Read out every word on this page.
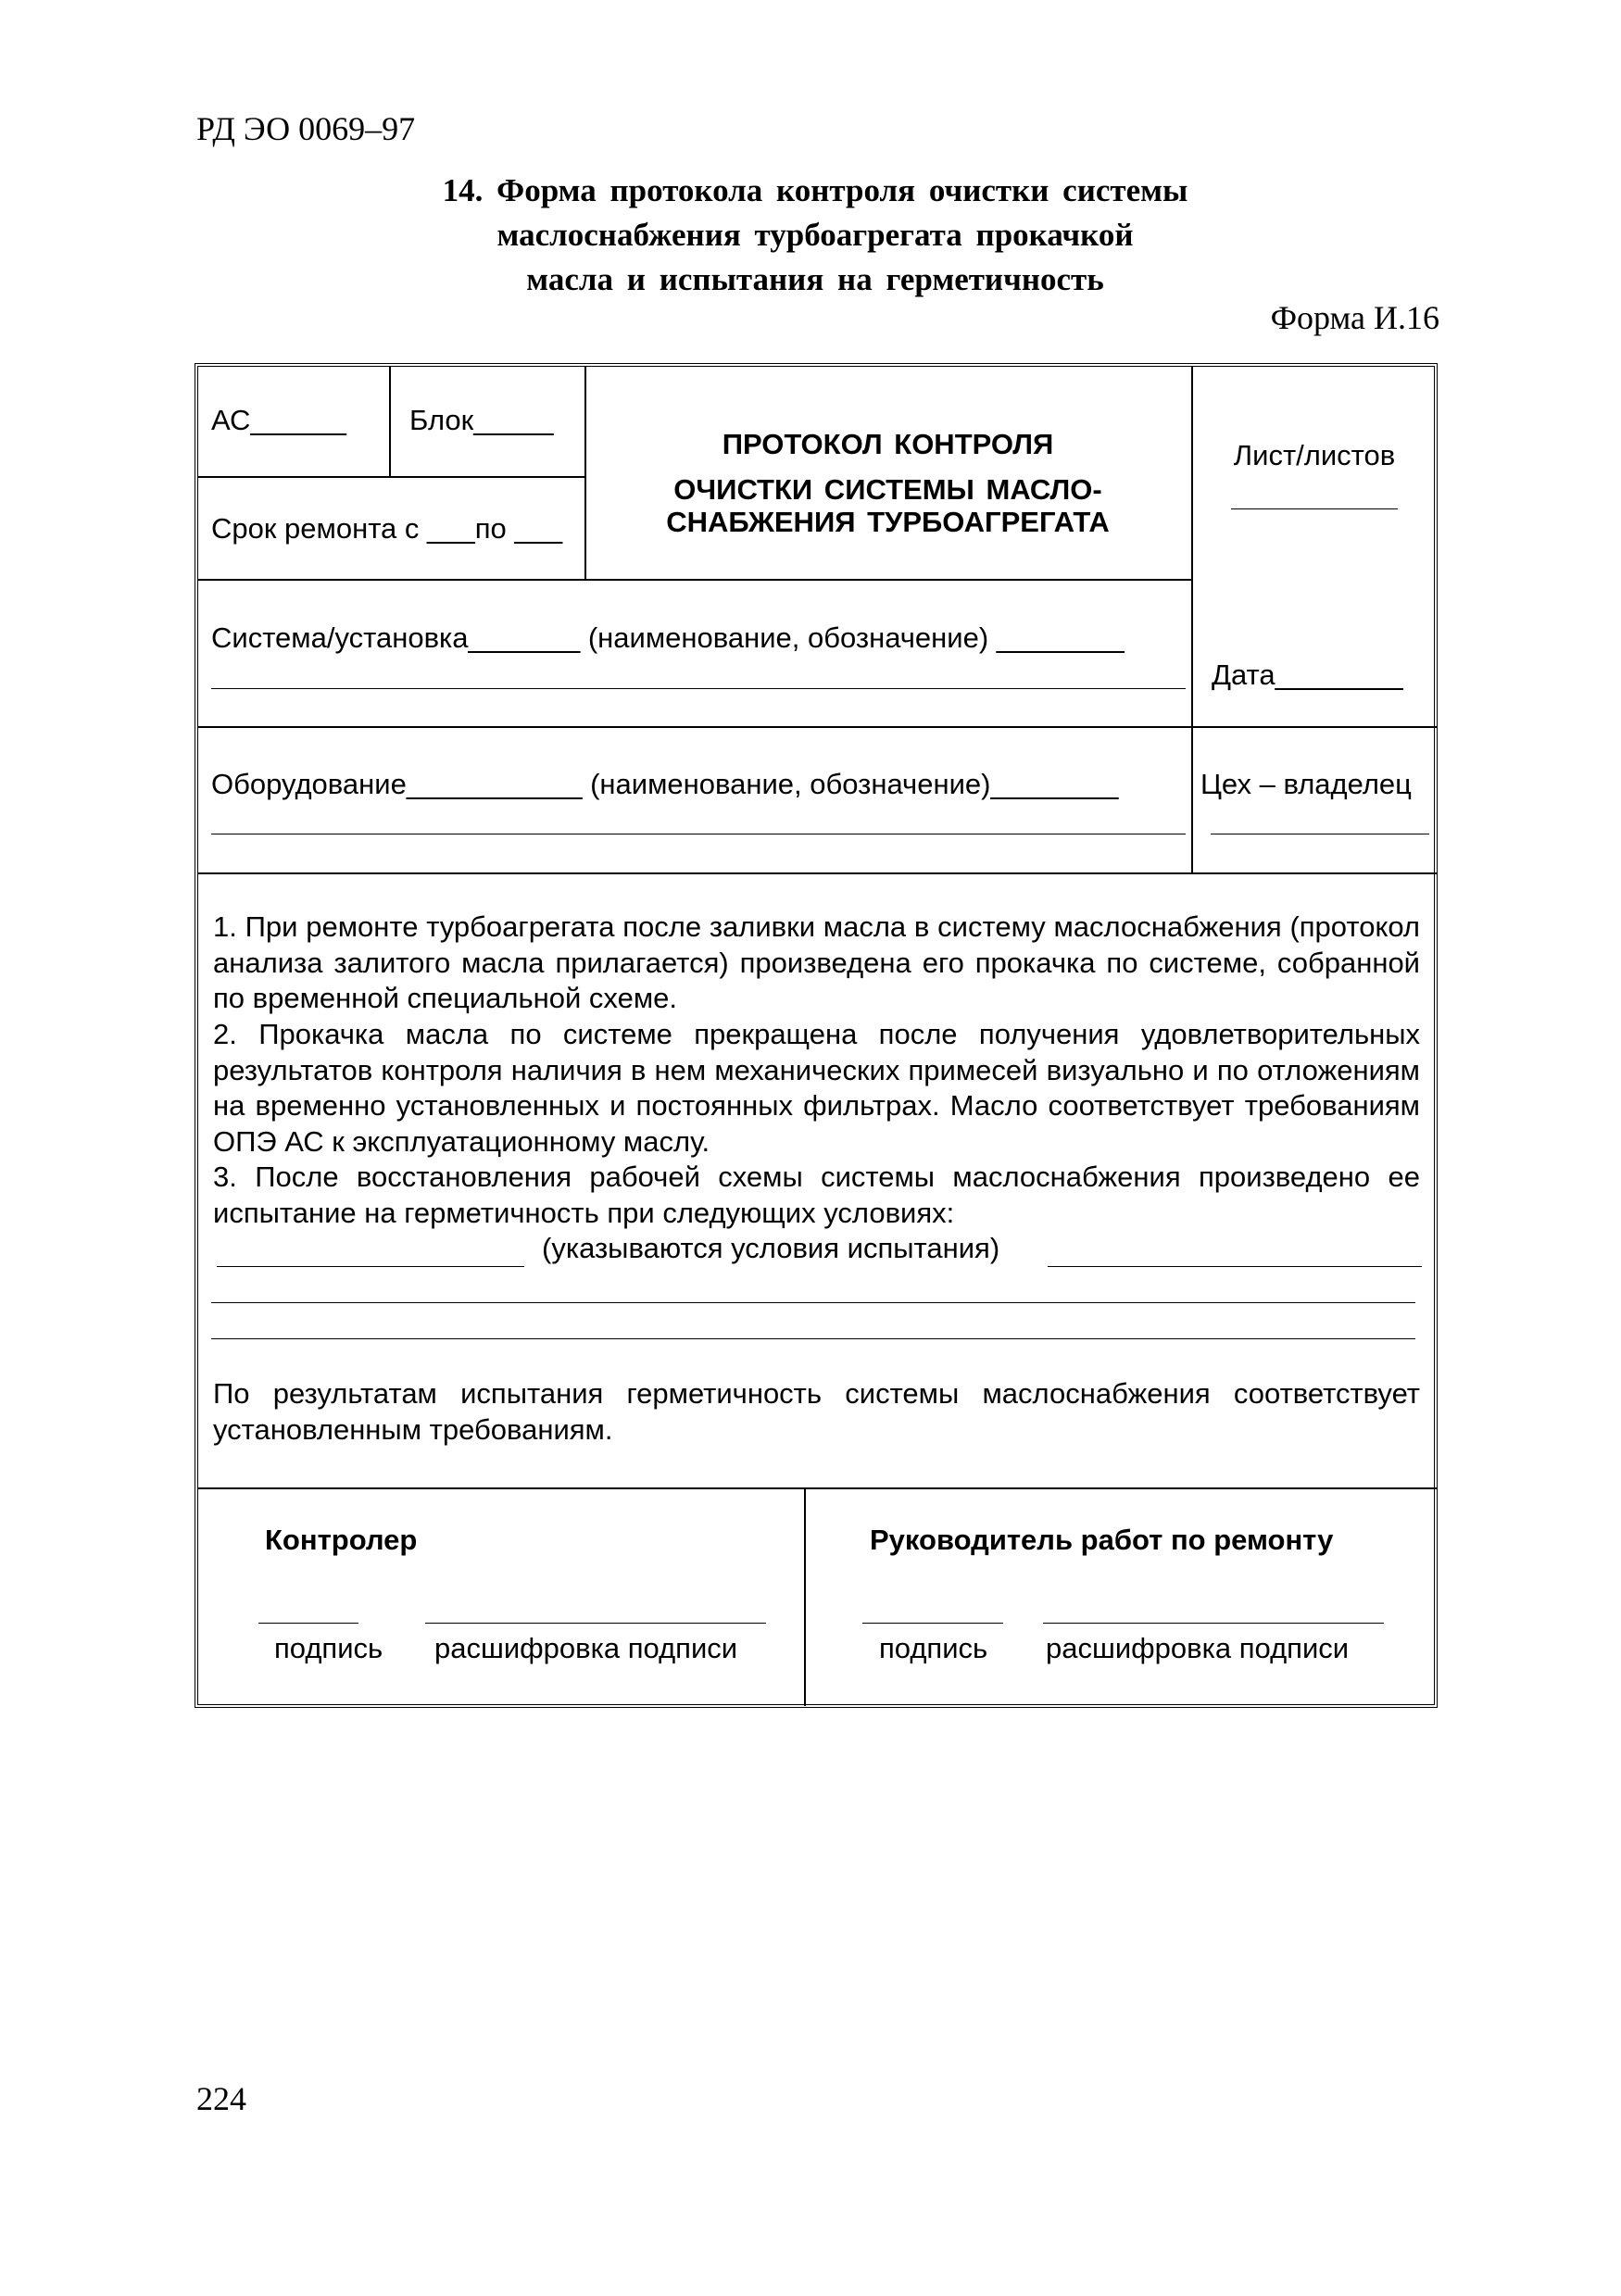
РД ЭО 0069–97
14. Форма протокола контроля очистки системы
маслоснабжения турбоагрегата прокачкой
масла и испытания на герметичность
Форма И.16
АС______ Блок_____
Срок ремонта с ___по ___
ПРОТОКОЛ КОНТРОЛЯ
ОЧИСТКИ СИСТЕМЫ МАСЛО-
СНАБЖЕНИЯ ТУРБОАГРЕГАТА
Лист/листов
Система/установка_______ (наименование, обозначение) ________
Дата________
Оборудование___________ (наименование, обозначение)________	Цех – владелец
1. При ремонте турбоагрегата после заливки масла в систему маслоснабжения (протокол анализа залитого масла прилагается) произведена его прокачка по системе, собранной по временной специальной схеме.
2. Прокачка масла по системе прекращена после получения удовлетворительных результатов контроля наличия в нем механических примесей визуально и по отложениям на временно установленных и постоянных фильтрах. Масло соответствует требованиям ОПЭ АС к эксплуатационному маслу.
3. После восстановления рабочей схемы системы маслоснабжения произведено ее испытание на герметичность при следующих условиях:
(указываются условия испытания)
По результатам испытания герметичность системы маслоснабжения соответствует установленным требованиям.
Контролер
подпись расшифровка подписи
Руководитель работ по ремонту
подпись расшифровка подписи
224
